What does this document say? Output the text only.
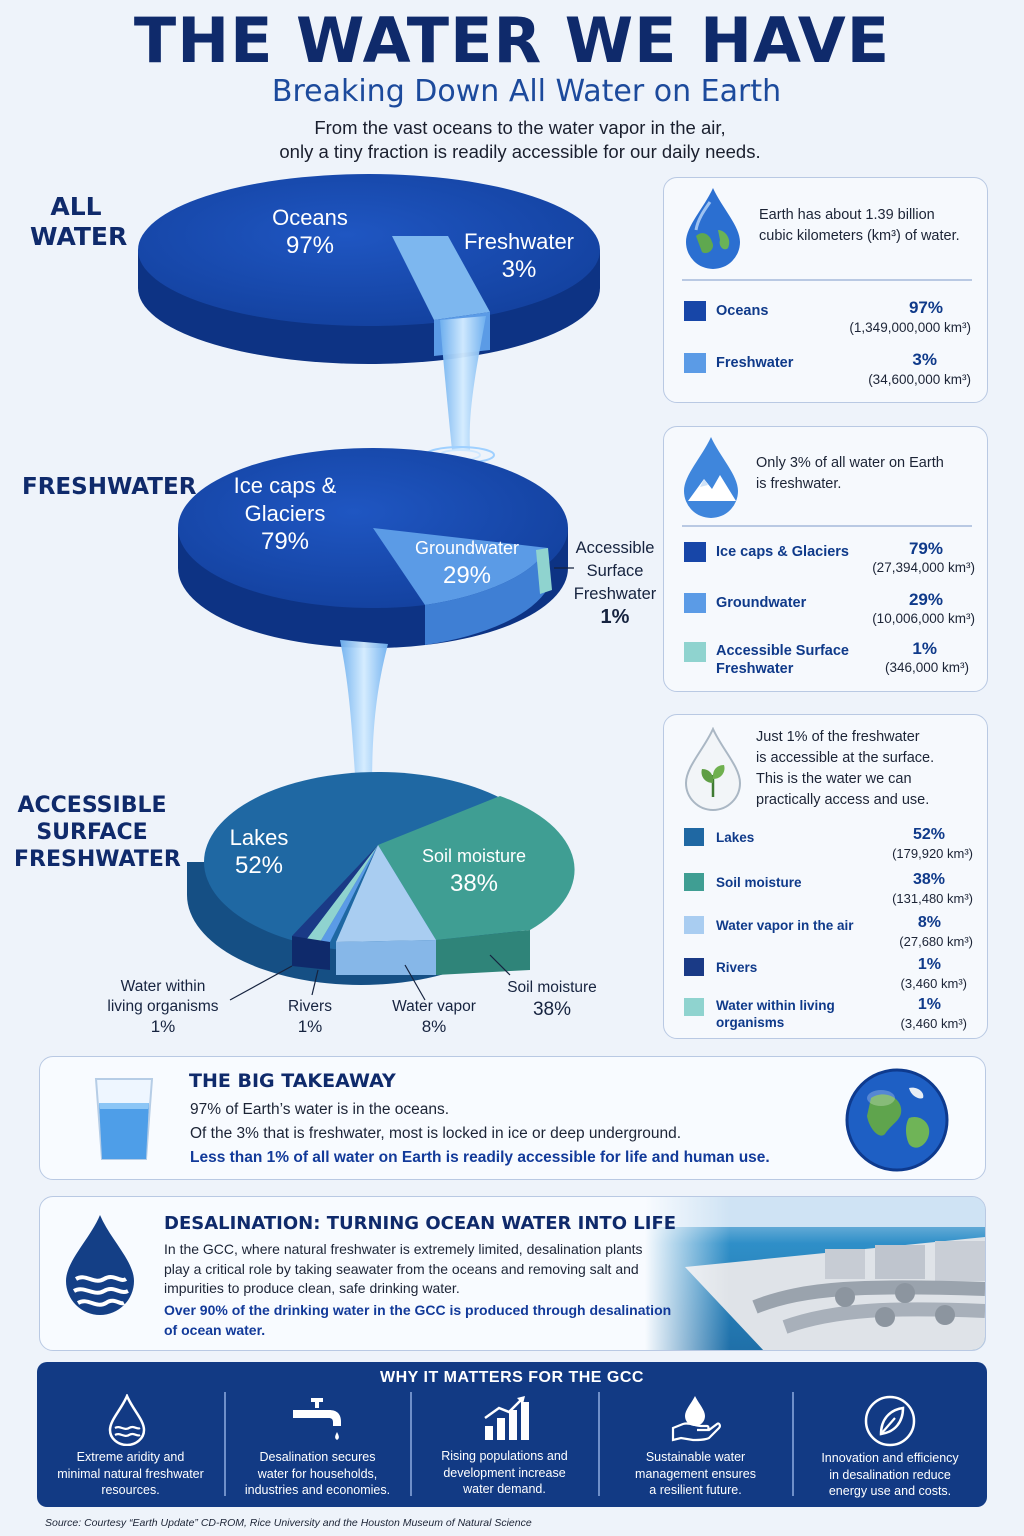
THE WATER WE HAVE
Breaking Down All Water on Earth
From the vast oceans to the water vapor in the air,
only a tiny fraction is readily accessible for our daily needs.
ALL
WATER
FRESHWATER
ACCESSIBLE
SURFACE
FRESHWATER
Oceans
97%	Freshwater
3%
Ice caps &
Glaciers
79%	Groundwater
29%
Accessible
Surface
Freshwater
1%
Lakes
52%	Soil moisture
38%
Water within
living organisms
1%
Rivers
1%
Water vapor
8%
Soil moisture
38%
Earth has about 1.39 billion
cubic kilometers (km³) of water.
Oceans	97%
(1,349,000,000 km³)
Freshwater	3%
(34,600,000 km³)
Only 3% of all water on Earth
is freshwater.
Ice caps & Glaciers	79%
(27,394,000 km³)
Groundwater	29%
(10,006,000 km³)
Accessible Surface
Freshwater
1%
(346,000 km³)
Just 1% of the freshwater
is accessible at the surface.
This is the water we can
practically access and use.
Lakes	52%
(179,920 km³)
Soil moisture	38%
(131,480 km³)
Water vapor in the air	8%
(27,680 km³)
Rivers	1%
(3,460 km³)
Water within living
organisms
1%
(3,460 km³)
THE BIG TAKEAWAY
97% of Earth’s water is in the oceans.
Of the 3% that is freshwater, most is locked in ice or deep underground.
Less than 1% of all water on Earth is readily accessible for life and human use.
DESALINATION: TURNING OCEAN WATER INTO LIFE
In the GCC, where natural freshwater is extremely limited, desalination plants
play a critical role by taking seawater from the oceans and removing salt and
impurities to produce clean, safe drinking water.
Over 90% of the drinking water in the GCC is produced through desalination
of ocean water.
WHY IT MATTERS FOR THE GCC
Extreme aridity and
minimal natural freshwater
resources.
Desalination secures
water for households,
industries and economies.
Rising populations and
development increase
water demand.
Sustainable water
management ensures
a resilient future.
Innovation and efficiency
in desalination reduce
energy use and costs.
Source: Courtesy “Earth Update” CD-ROM, Rice University and the Houston Museum of Natural Science
